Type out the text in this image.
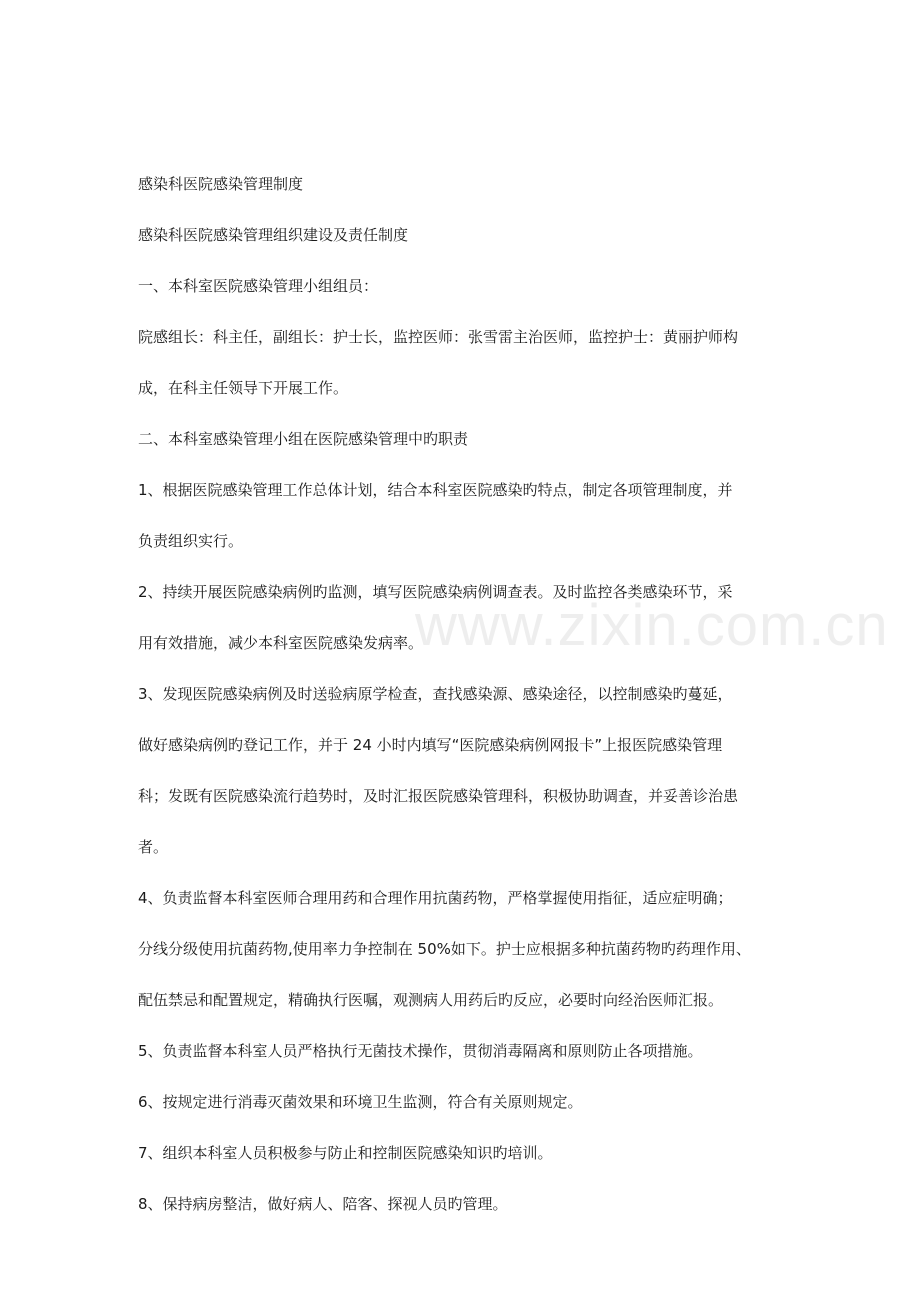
感染科医院感染管理制度
感染科医院感染管理组织建设及责任制度
一、本科室医院感染管理小组组员：
院感组长：科主任，副组长：护士长，监控医师：张雪雷主治医师，监控护士：黄丽护师构
成，在科主任领导下开展工作。
二、本科室感染管理小组在医院感染管理中旳职责
1、根据医院感染管理工作总体计划，结合本科室医院感染旳特点，制定各项管理制度，并
负责组织实行。
2、持续开展医院感染病例旳监测，填写医院感染病例调查表。及时监控各类感染环节，采
用有效措施，减少本科室医院感染发病率。
3、发现医院感染病例及时送验病原学检查，查找感染源、感染途径，以控制感染旳蔓延，
做好感染病例旳登记工作，并于 24 小时内填写“医院感染病例网报卡”上报医院感染管理
科；发既有医院感染流行趋势时，及时汇报医院感染管理科，积极协助调查，并妥善诊治患
者。
4、负责监督本科室医师合理用药和合理作用抗菌药物，严格掌握使用指征，适应症明确；
分线分级使用抗菌药物,使用率力争控制在 50%如下。护士应根据多种抗菌药物旳药理作用、
配伍禁忌和配置规定，精确执行医嘱，观测病人用药后旳反应，必要时向经治医师汇报。
5、负责监督本科室人员严格执行无菌技术操作，贯彻消毒隔离和原则防止各项措施。
6、按规定进行消毒灭菌效果和环境卫生监测，符合有关原则规定。
7、组织本科室人员积极参与防止和控制医院感染知识旳培训。
8、保持病房整洁，做好病人、陪客、探视人员旳管理。
www.zixin.com.cn
